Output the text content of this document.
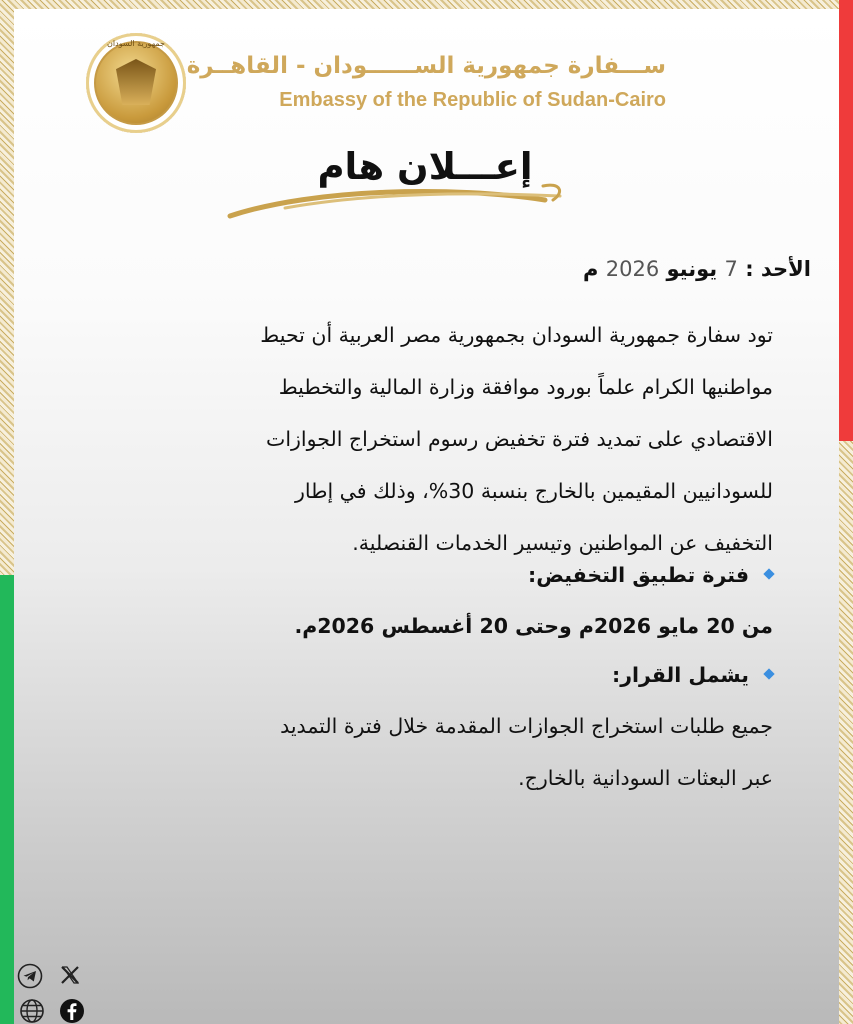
جمهورية السودان
ســـفارة جمهورية الســــــودان - القاهــرة
Embassy of the Republic of Sudan-Cairo
إعـــلان هام
الأحد : 7 يونيو 2026 م
تود سفارة جمهورية السودان بجمهورية مصر العربية أن تحيط
مواطنيها الكرام علماً بورود موافقة وزارة المالية والتخطيط
الاقتصادي على تمديد فترة تخفيض رسوم استخراج الجوازات
للسودانيين المقيمين بالخارج بنسبة 30%، وذلك في إطار
التخفيف عن المواطنين وتيسير الخدمات القنصلية.
فترة تطبيق التخفيض:
من 20 مايو 2026م وحتى 20 أغسطس 2026م.
يشمل القرار:
جميع طلبات استخراج الجوازات المقدمة خلال فترة التمديد
عبر البعثات السودانية بالخارج.
